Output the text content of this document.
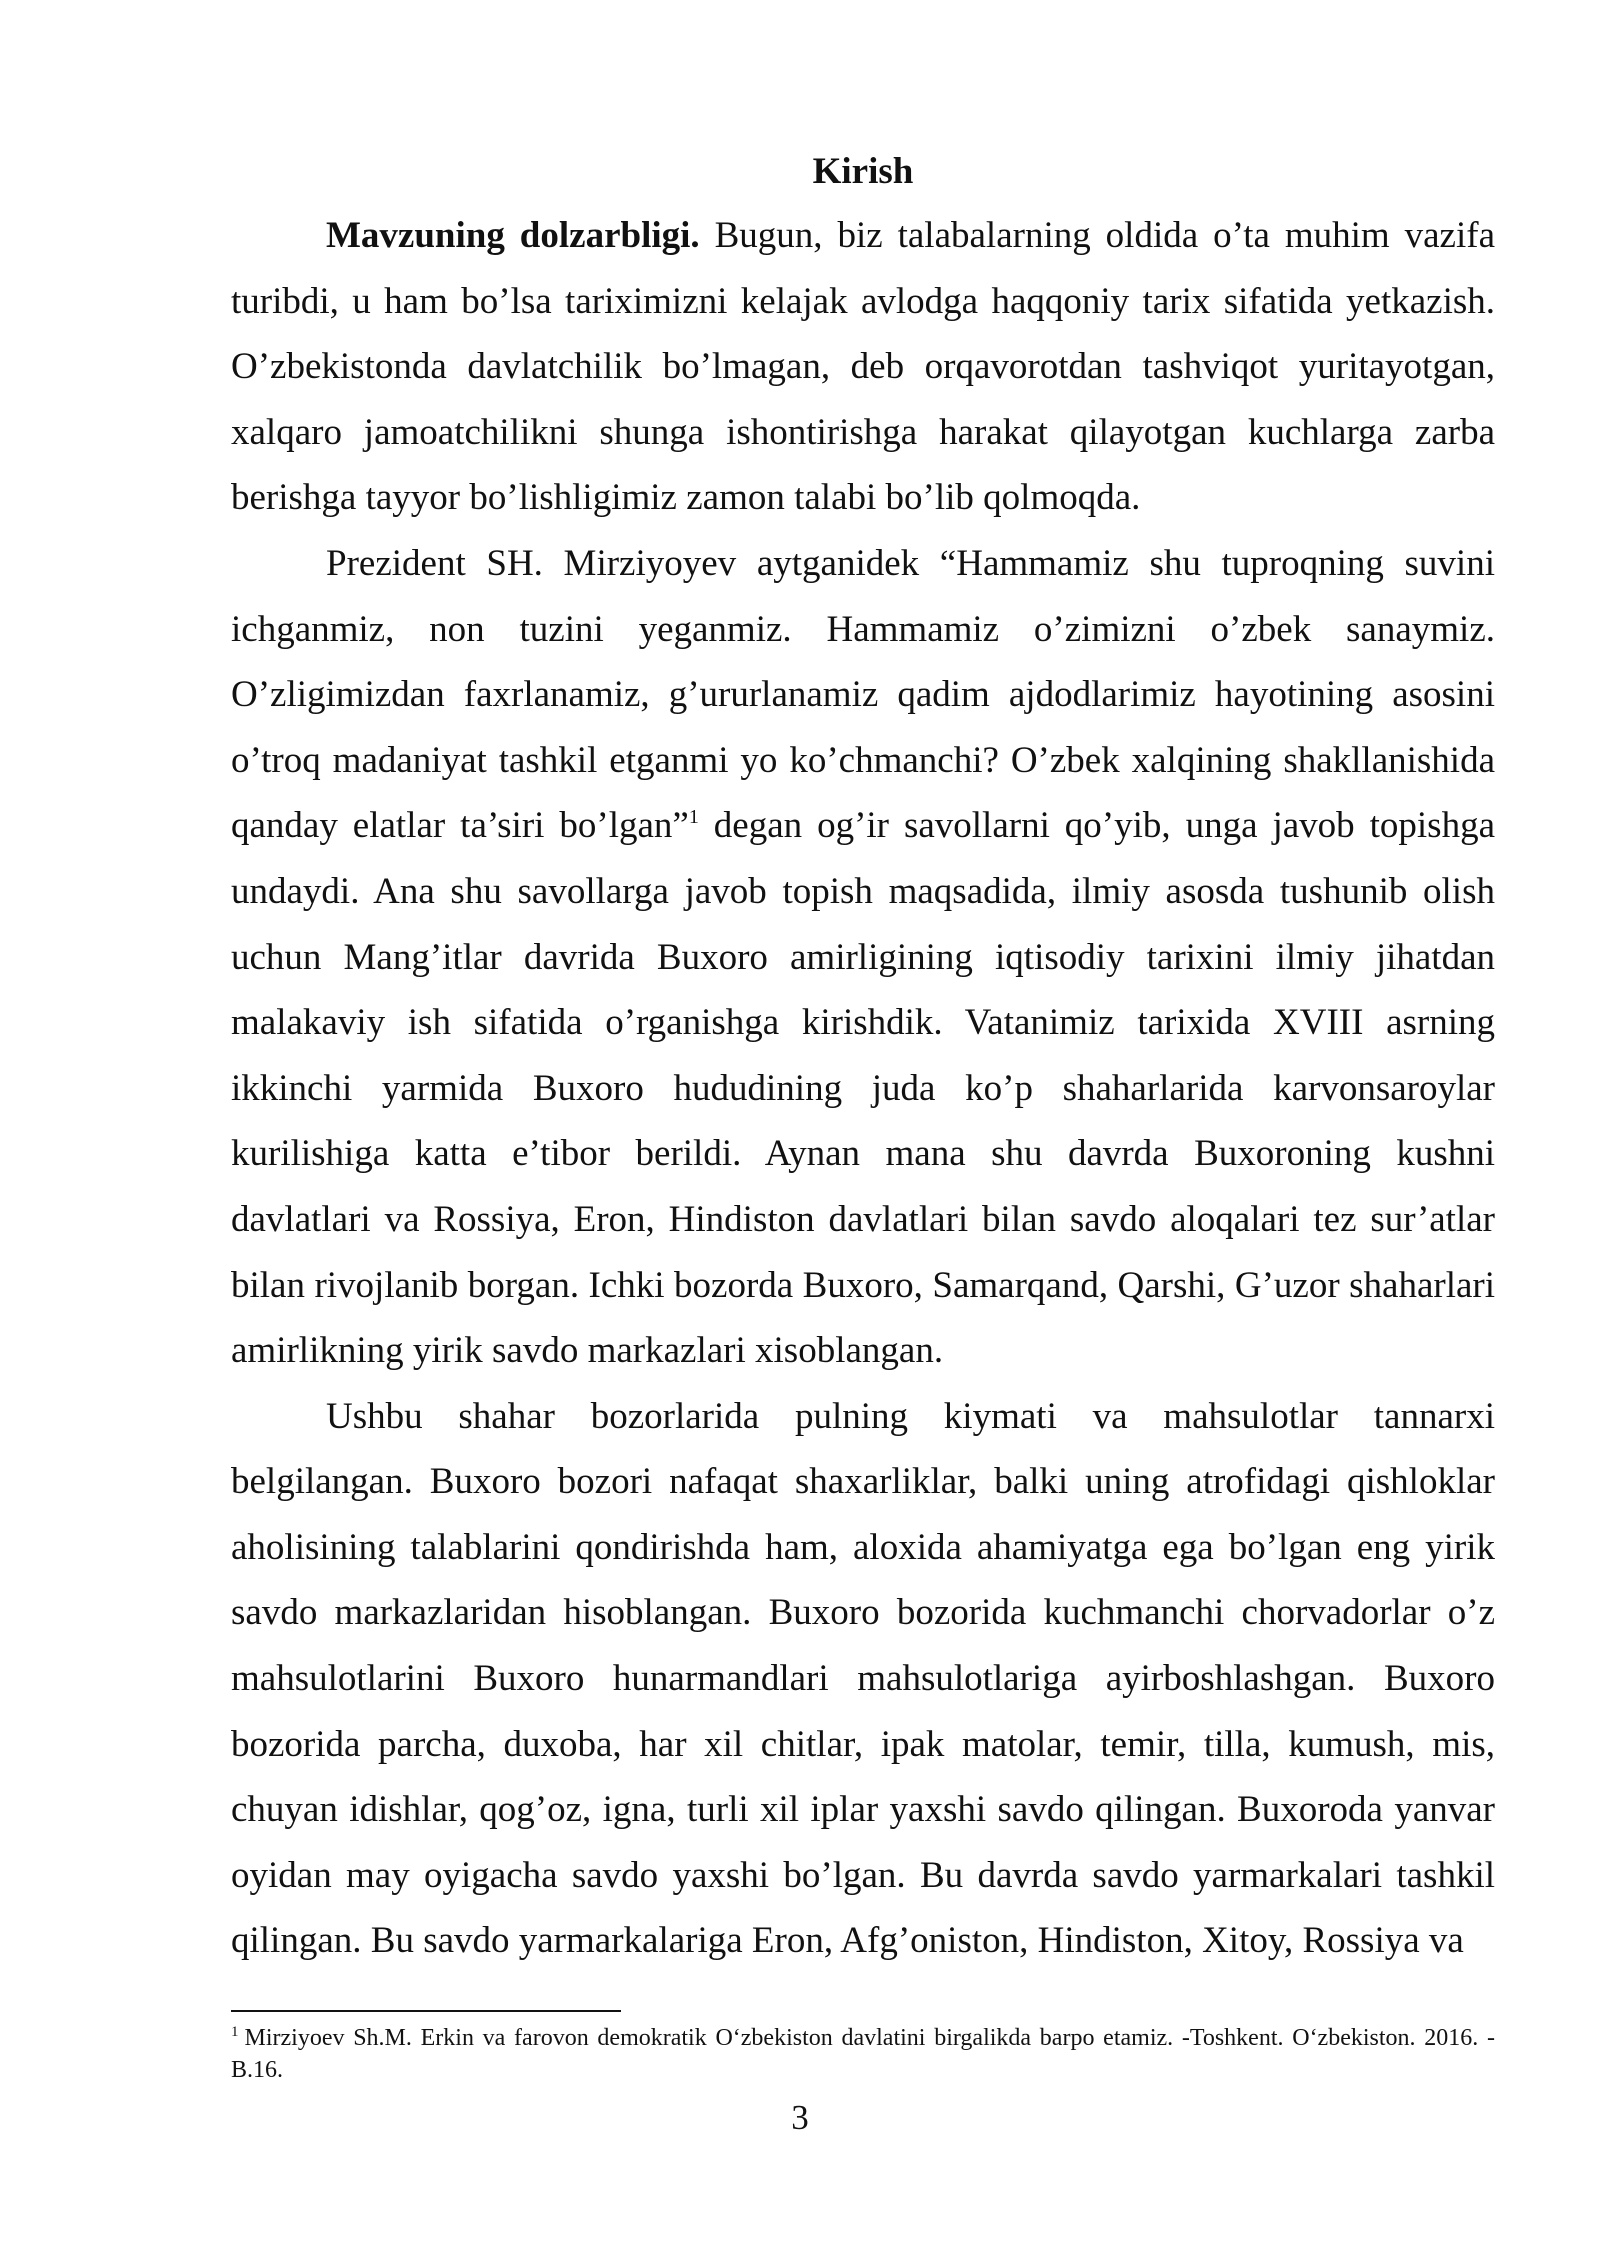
Kirish

Mavzuning dolzarbligi. Bugun, biz talabalarning oldida o’ta muhim vazifa turibdi, u ham bo’lsa tariximizni kelajak avlodga haqqoniy tarix sifatida yetkazish. O’zbekistonda davlatchilik bo’lmagan, deb orqavorotdan tashviqot yuritayotgan, xalqaro jamoatchilikni shunga ishontirishga harakat qilayotgan kuchlarga zarba berishga tayyor bo’lishligimiz zamon talabi bo’lib qolmoqda.

Prezident SH. Mirziyoyev aytganidek “Hammamiz shu tuproqning suvini ichganmiz, non tuzini yeganmiz. Hammamiz o’zimizni o’zbek sanaymiz. O’zligimizdan faxrlanamiz, g’ururlanamiz qadim ajdodlarimiz hayotining asosini o’troq madaniyat tashkil etganmi yo ko’chmanchi? O’zbek xalqining shakllanishida qanday elatlar ta’siri bo’lgan”$^1$ degan og’ir savollarni qo’yib, unga javob topishga undaydi. Ana shu savollarga javob topish maqsadida, ilmiy asosda tushunib olish uchun Mang’itlar davrida Buxoro amirligining iqtisodiy tarixini ilmiy jihatdan malakaviy ish sifatida o’rganishga kirishdik. Vatanimiz tarixida XVIII asrning ikkinchi yarmida Buxoro hududining juda ko’p shaharlarida karvonsaroylar kurilishiga katta e’tibor berildi. Aynan mana shu davrda Buxoroning kushni davlatlari va Rossiya, Eron, Hindiston davlatlari bilan savdo aloqalari tez sur’atlar bilan rivojlanib borgan. Ichki bozorda Buxoro, Samarqand, Qarshi, G’uzor shaharlari amirlikning yirik savdo markazlari xisoblangan.

Ushbu shahar bozorlarida pulning kiymati va mahsulotlar tannarxi belgilangan. Buxoro bozori nafaqat shaxarliklar, balki uning atrofidagi qishloklar aholisining talablarini qondirishda ham, aloxida ahamiyatga ega bo’lgan eng yirik savdo markazlaridan hisoblangan. Buxoro bozorida kuchmanchi chorvadorlar o’z mahsulotlarini Buxoro hunarmandlari mahsulotlariga ayirboshlashgan. Buxoro bozorida parcha, duxoba, har xil chitlar, ipak matolar, temir, tilla, kumush, mis, chuyan idishlar, qog’oz, igna, turli xil iplar yaxshi savdo qilingan. Buxoroda yanvar oyidan may oyigacha savdo yaxshi bo’lgan. Bu davrda savdo yarmarkalari tashkil qilingan. Bu savdo yarmarkalariga Eron, Afg’oniston, Hindiston, Xitoy, Rossiya va

$^1$ Mirziyoev Sh.M. Erkin va farovon demokratik O‘zbekiston davlatini birgalikda barpo etamiz. -Toshkent. O‘zbekiston. 2016. - B.16.

3
